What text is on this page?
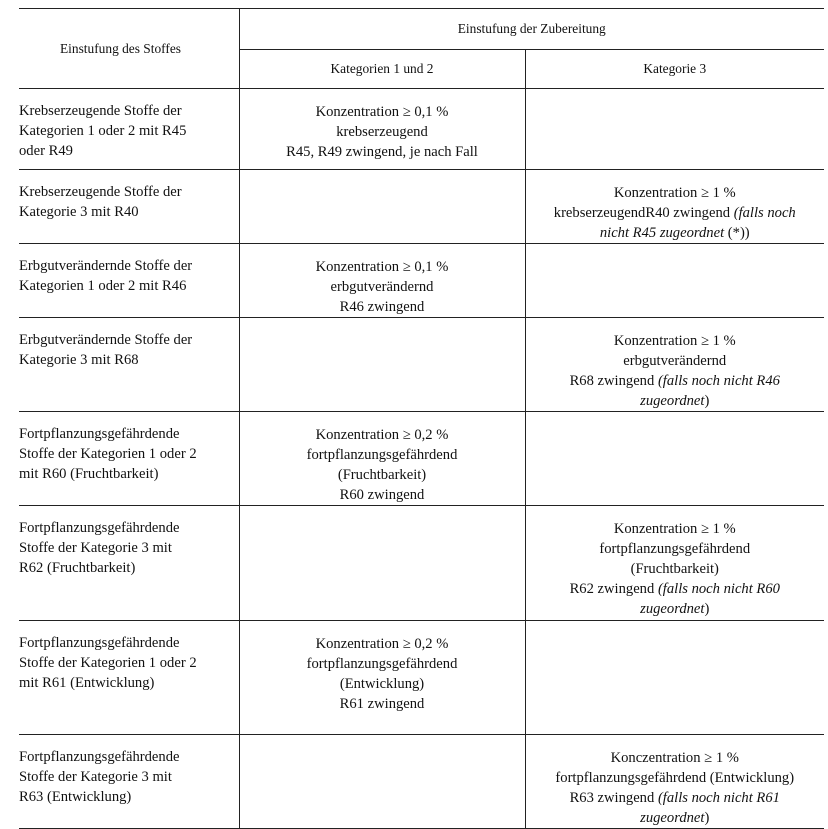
Einstufung des Stoffes	Einstufung der Zubereitung	
	Kategorien 1 und 2	Kategorie 3

Krebserzeugende Stoffe der
Kategorien 1 oder 2 mit R45
oder R49	Konzentration ≥ 0,1 %
krebserzeugend
R45, R49 zwingend, je nach Fall	

Krebserzeugende Stoffe der
Kategorie 3 mit R40		Konzentration ≥ 1 %
krebserzeugendR40 zwingend (falls noch
nicht R45 zugeordnet (*))

Erbgutverändernde Stoffe der
Kategorien 1 oder 2 mit R46	Konzentration ≥ 0,1 %
erbgutverändernd
R46 zwingend	

Erbgutverändernde Stoffe der
Kategorie 3 mit R68		Konzentration ≥ 1 %
erbgutverändernd
R68 zwingend (falls noch nicht R46
zugeordnet)

Fortpflanzungsgefährdende
Stoffe der Kategorien 1 oder 2
mit R60 (Fruchtbarkeit)	Konzentration ≥ 0,2 %
fortpflanzungsgefährdend
(Fruchtbarkeit)
R60 zwingend	

Fortpflanzungsgefährdende
Stoffe der Kategorie 3 mit
R62 (Fruchtbarkeit)		Konzentration ≥ 1 %
fortpflanzungsgefährdend
(Fruchtbarkeit)
R62 zwingend (falls noch nicht R60
zugeordnet)

Fortpflanzungsgefährdende
Stoffe der Kategorien 1 oder 2
mit R61 (Entwicklung)	Konzentration ≥ 0,2 %
fortpflanzungsgefährdend
(Entwicklung)
R61 zwingend	

Fortpflanzungsgefährdende
Stoffe der Kategorie 3 mit
R63 (Entwicklung)		Konczentration ≥ 1 %
fortpflanzungsgefährdend (Entwicklung)
R63 zwingend (falls noch nicht R61
zugeordnet)
